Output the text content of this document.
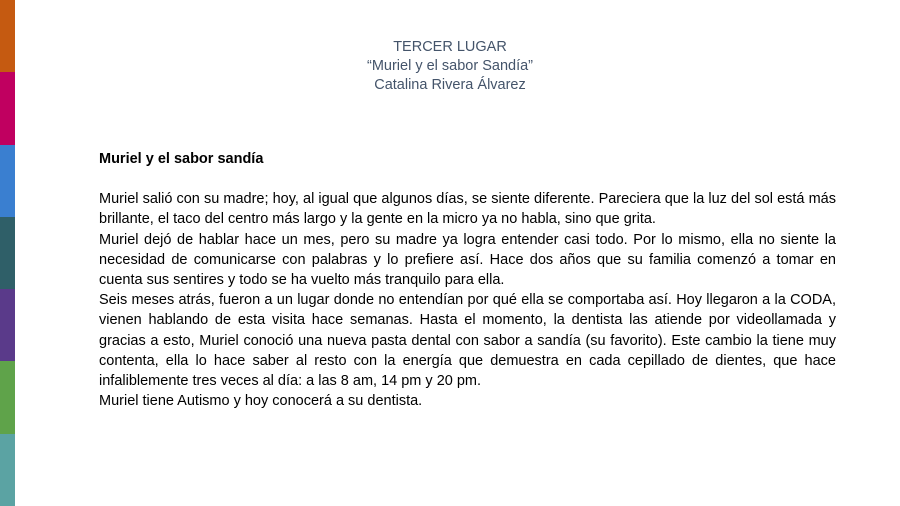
TERCER LUGAR
“Muriel y el sabor Sandía”
Catalina Rivera Álvarez

Muriel y el sabor sandía

Muriel salió con su madre; hoy, al igual que algunos días, se siente diferente. Pareciera que la luz del sol está más brillante, el taco del centro más largo y la gente en la micro ya no habla, sino que grita.

Muriel dejó de hablar hace un mes, pero su madre ya logra entender casi todo. Por lo mismo, ella no siente la necesidad de comunicarse con palabras y lo prefiere así. Hace dos años que su familia comenzó a tomar en cuenta sus sentires y todo se ha vuelto más tranquilo para ella.

Seis meses atrás, fueron a un lugar donde no entendían por qué ella se comportaba así. Hoy llegaron a la CODA, vienen hablando de esta visita hace semanas. Hasta el momento, la dentista las atiende por videollamada y gracias a esto, Muriel conoció una nueva pasta dental con sabor a sandía (su favorito). Este cambio la tiene muy contenta, ella lo hace saber al resto con la energía que demuestra en cada cepillado de dientes, que hace infaliblemente tres veces al día: a las 8 am, 14 pm y 20 pm.

Muriel tiene Autismo y hoy conocerá a su dentista.
